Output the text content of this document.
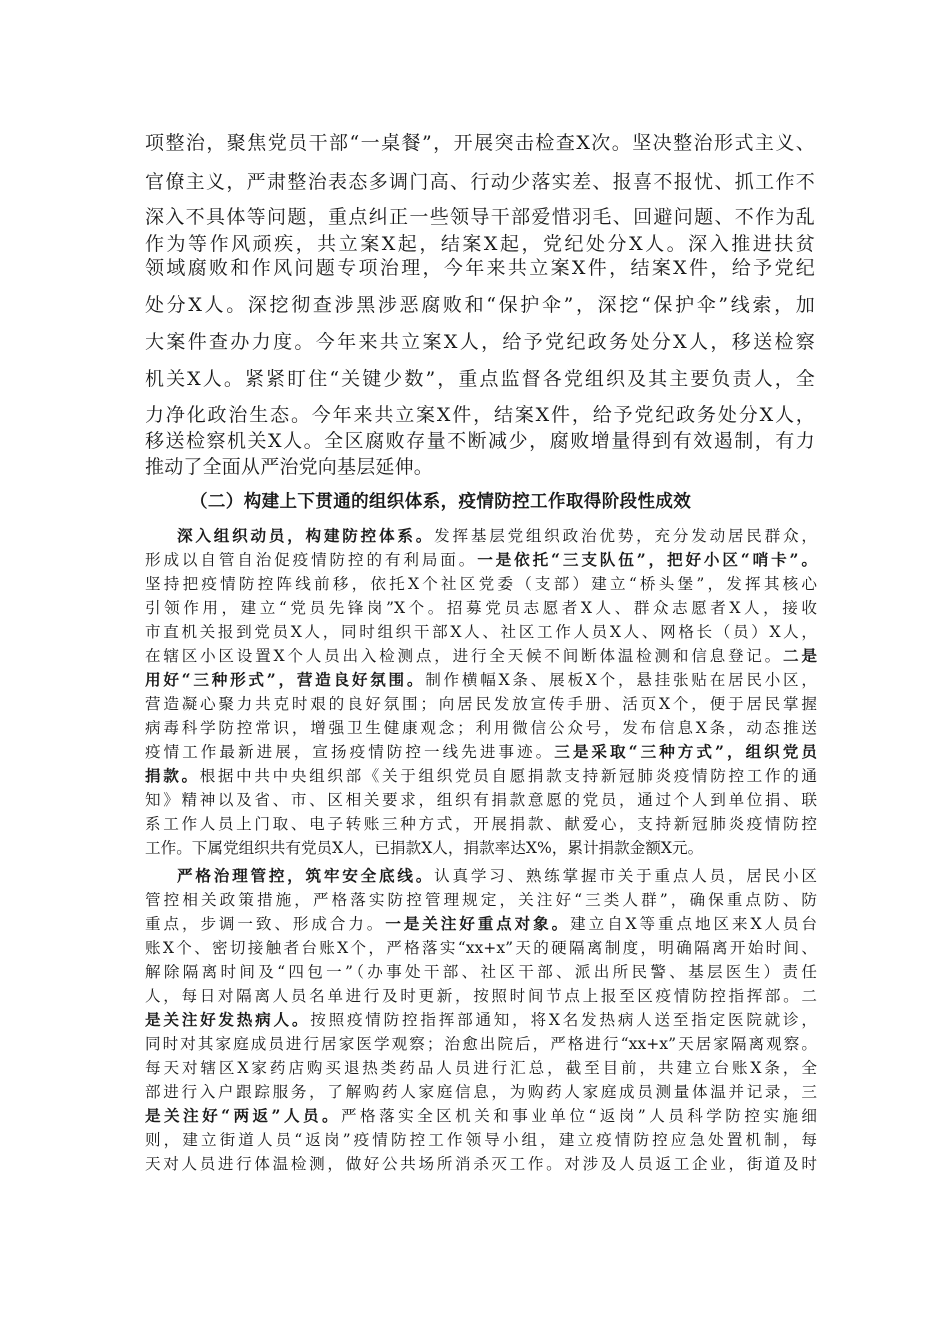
项整治，聚焦党员干部“一桌餐”，开展突击检查X次。坚决整治形式主义、
官僚主义，严肃整治表态多调门高、行动少落实差、报喜不报忧、抓工作不
深入不具体等问题，重点纠正一些领导干部爱惜羽毛、回避问题、不作为乱
作为等作风顽疾，共立案X起，结案X起，党纪处分X人。深入推进扶贫
领域腐败和作风问题专项治理，今年来共立案X件，结案X件，给予党纪
处分X人。深挖彻查涉黑涉恶腐败和“保护伞”，深挖“保护伞”线索，加
大案件查办力度。今年来共立案X人，给予党纪政务处分X人，移送检察
机关X人。紧紧盯住“关键少数”，重点监督各党组织及其主要负责人，全
力净化政治生态。今年来共立案X件，结案X件，给予党纪政务处分X人，
移送检察机关X人。全区腐败存量不断减少，腐败增量得到有效遏制，有力
推动了全面从严治党向基层延伸。
（二）构建上下贯通的组织体系，疫情防控工作取得阶段性成效
深入组织动员，构建防控体系。发挥基层党组织政治优势，充分发动居民群众，
形成以自管自治促疫情防控的有利局面。一是依托“三支队伍”，把好小区“哨卡”。
坚持把疫情防控阵线前移，依托X个社区党委（支部）建立“桥头堡”，发挥其核心
引领作用，建立“党员先锋岗”X个。招募党员志愿者X人、群众志愿者X人，接收
市直机关报到党员X人，同时组织干部X人、社区工作人员X人、网格长（员）X人，
在辖区小区设置X个人员出入检测点，进行全天候不间断体温检测和信息登记。二是
用好“三种形式”，营造良好氛围。制作横幅X条、展板X个，悬挂张贴在居民小区，
营造凝心聚力共克时艰的良好氛围；向居民发放宣传手册、活页X个，便于居民掌握
病毒科学防控常识，增强卫生健康观念；利用微信公众号，发布信息X条，动态推送
疫情工作最新进展，宣扬疫情防控一线先进事迹。三是采取“三种方式”，组织党员
捐款。根据中共中央组织部《关于组织党员自愿捐款支持新冠肺炎疫情防控工作的通
知》精神以及省、市、区相关要求，组织有捐款意愿的党员，通过个人到单位捐、联
系工作人员上门取、电子转账三种方式，开展捐款、献爱心，支持新冠肺炎疫情防控
工作。下属党组织共有党员X人，已捐款X人，捐款率达X%，累计捐款金额X元。
严格治理管控，筑牢安全底线。认真学习、熟练掌握市关于重点人员，居民小区
管控相关政策措施，严格落实防控管理规定，关注好“三类人群”，确保重点防、防
重点，步调一致、形成合力。一是关注好重点对象。建立自X等重点地区来X人员台
账X个、密切接触者台账X个，严格落实“xx+x”天的硬隔离制度，明确隔离开始时间、
解除隔离时间及“四包一”（办事处干部、社区干部、派出所民警、基层医生）责任
人，每日对隔离人员名单进行及时更新，按照时间节点上报至区疫情防控指挥部。二
是关注好发热病人。按照疫情防控指挥部通知，将X名发热病人送至指定医院就诊，
同时对其家庭成员进行居家医学观察；治愈出院后，严格进行“xx+x”天居家隔离观察。
每天对辖区X家药店购买退热类药品人员进行汇总，截至目前，共建立台账X条，全
部进行入户跟踪服务，了解购药人家庭信息，为购药人家庭成员测量体温并记录，三
是关注好“两返”人员。严格落实全区机关和事业单位“返岗”人员科学防控实施细
则，建立街道人员“返岗”疫情防控工作领导小组，建立疫情防控应急处置机制，每
天对人员进行体温检测，做好公共场所消杀灭工作。对涉及人员返工企业，街道及时
